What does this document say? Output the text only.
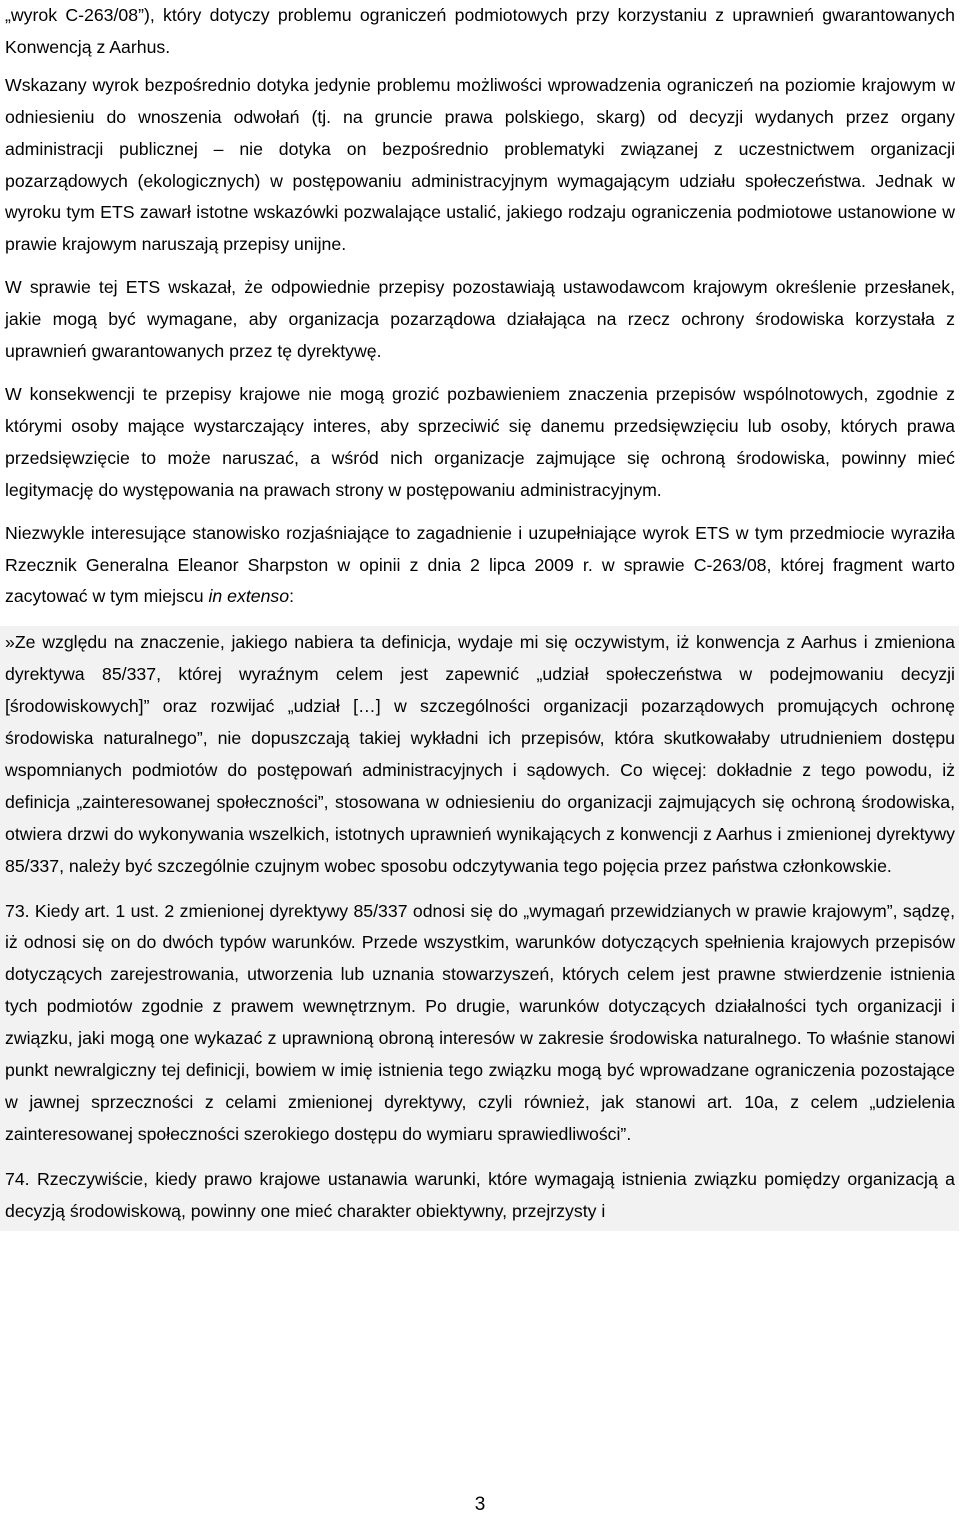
„wyrok C-263/08”), który dotyczy problemu ograniczeń podmiotowych przy korzystaniu z uprawnień gwarantowanych Konwencją z Aarhus.

Wskazany wyrok bezpośrednio dotyka jedynie problemu możliwości wprowadzenia ograniczeń na poziomie krajowym w odniesieniu do wnoszenia odwołań (tj. na gruncie prawa polskiego, skarg) od decyzji wydanych przez organy administracji publicznej – nie dotyka on bezpośrednio problematyki związanej z uczestnictwem organizacji pozarządowych (ekologicznych) w postępowaniu administracyjnym wymagającym udziału społeczeństwa. Jednak w wyroku tym ETS zawarł istotne wskazówki pozwalające ustalić, jakiego rodzaju ograniczenia podmiotowe ustanowione w prawie krajowym naruszają przepisy unijne.

W sprawie tej ETS wskazał, że odpowiednie przepisy pozostawiają ustawodawcom krajowym określenie przesłanek, jakie mogą być wymagane, aby organizacja pozarządowa działająca na rzecz ochrony środowiska korzystała z uprawnień gwarantowanych przez tę dyrektywę.

W konsekwencji te przepisy krajowe nie mogą grozić pozbawieniem znaczenia przepisów wspólnotowych, zgodnie z którymi osoby mające wystarczający interes, aby sprzeciwić się danemu przedsięwzięciu lub osoby, których prawa przedsięwzięcie to może naruszać, a wśród nich organizacje zajmujące się ochroną środowiska, powinny mieć legitymację do występowania na prawach strony w postępowaniu administracyjnym.

Niezwykle interesujące stanowisko rozjaśniające to zagadnienie i uzupełniające wyrok ETS w tym przedmiocie wyraziła Rzecznik Generalna Eleanor Sharpston w opinii z dnia 2 lipca 2009 r. w sprawie C-263/08, której fragment warto zacytować w tym miejscu in extenso:

»Ze względu na znaczenie, jakiego nabiera ta definicja, wydaje mi się oczywistym, iż konwencja z Aarhus i zmieniona dyrektywa 85/337, której wyraźnym celem jest zapewnić „udział społeczeństwa w podejmowaniu decyzji [środowiskowych]” oraz rozwijać „udział […] w szczególności organizacji pozarządowych promujących ochronę środowiska naturalnego”, nie dopuszczają takiej wykładni ich przepisów, która skutkowałaby utrudnieniem dostępu wspomnianych podmiotów do postępowań administracyjnych i sądowych. Co więcej: dokładnie z tego powodu, iż definicja „zainteresowanej społeczności”, stosowana w odniesieniu do organizacji zajmujących się ochroną środowiska, otwiera drzwi do wykonywania wszelkich, istotnych uprawnień wynikających z konwencji z Aarhus i zmienionej dyrektywy 85/337, należy być szczególnie czujnym wobec sposobu odczytywania tego pojęcia przez państwa członkowskie.

73. Kiedy art. 1 ust. 2 zmienionej dyrektywy 85/337 odnosi się do „wymagań przewidzianych w prawie krajowym”, sądzę, iż odnosi się on do dwóch typów warunków. Przede wszystkim, warunków dotyczących spełnienia krajowych przepisów dotyczących zarejestrowania, utworzenia lub uznania stowarzyszeń, których celem jest prawne stwierdzenie istnienia tych podmiotów zgodnie z prawem wewnętrznym. Po drugie, warunków dotyczących działalności tych organizacji i związku, jaki mogą one wykazać z uprawnioną obroną interesów w zakresie środowiska naturalnego. To właśnie stanowi punkt newralgiczny tej definicji, bowiem w imię istnienia tego związku mogą być wprowadzane ograniczenia pozostające w jawnej sprzeczności z celami zmienionej dyrektywy, czyli również, jak stanowi art. 10a, z celem „udzielenia zainteresowanej społeczności szerokiego dostępu do wymiaru sprawiedliwości”.

74. Rzeczywiście, kiedy prawo krajowe ustanawia warunki, które wymagają istnienia związku pomiędzy organizacją a decyzją środowiskową, powinny one mieć charakter obiektywny, przejrzysty i

3
